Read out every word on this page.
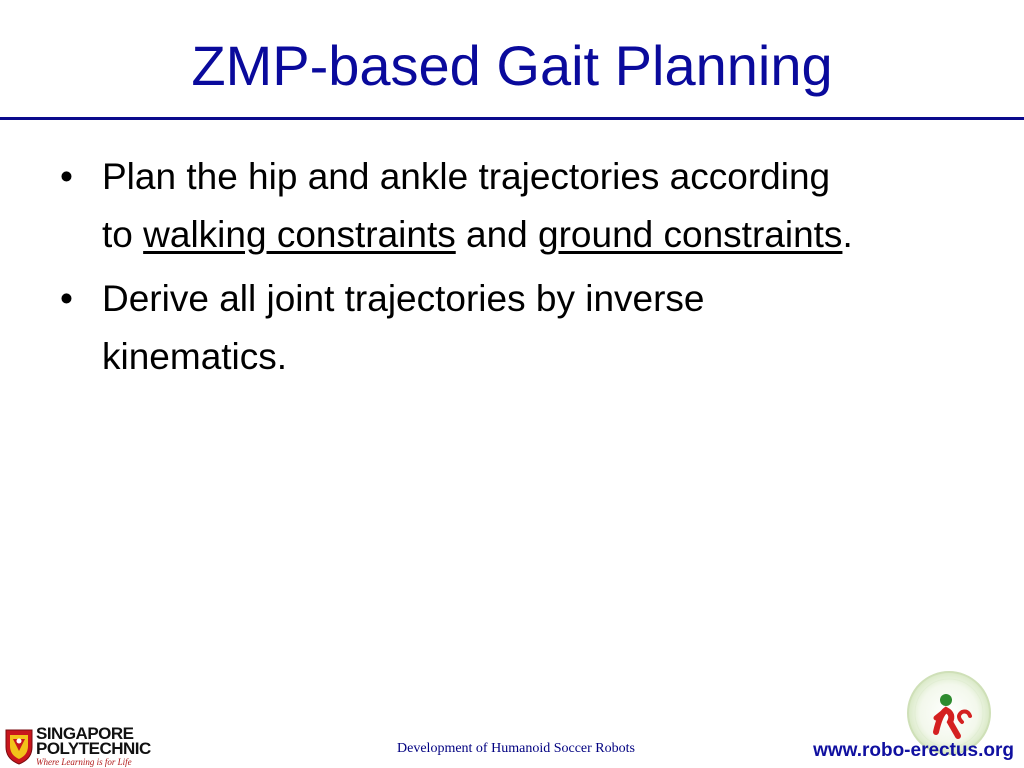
ZMP-based Gait Planning
• Plan the hip and ankle trajectories according to walking constraints and ground constraints.
• Derive all joint trajectories by inverse kinematics.
SINGAPORE
POLYTECHNIC
Where Learning is for Life
Development of Humanoid Soccer Robots	www.robo-erectus.org
